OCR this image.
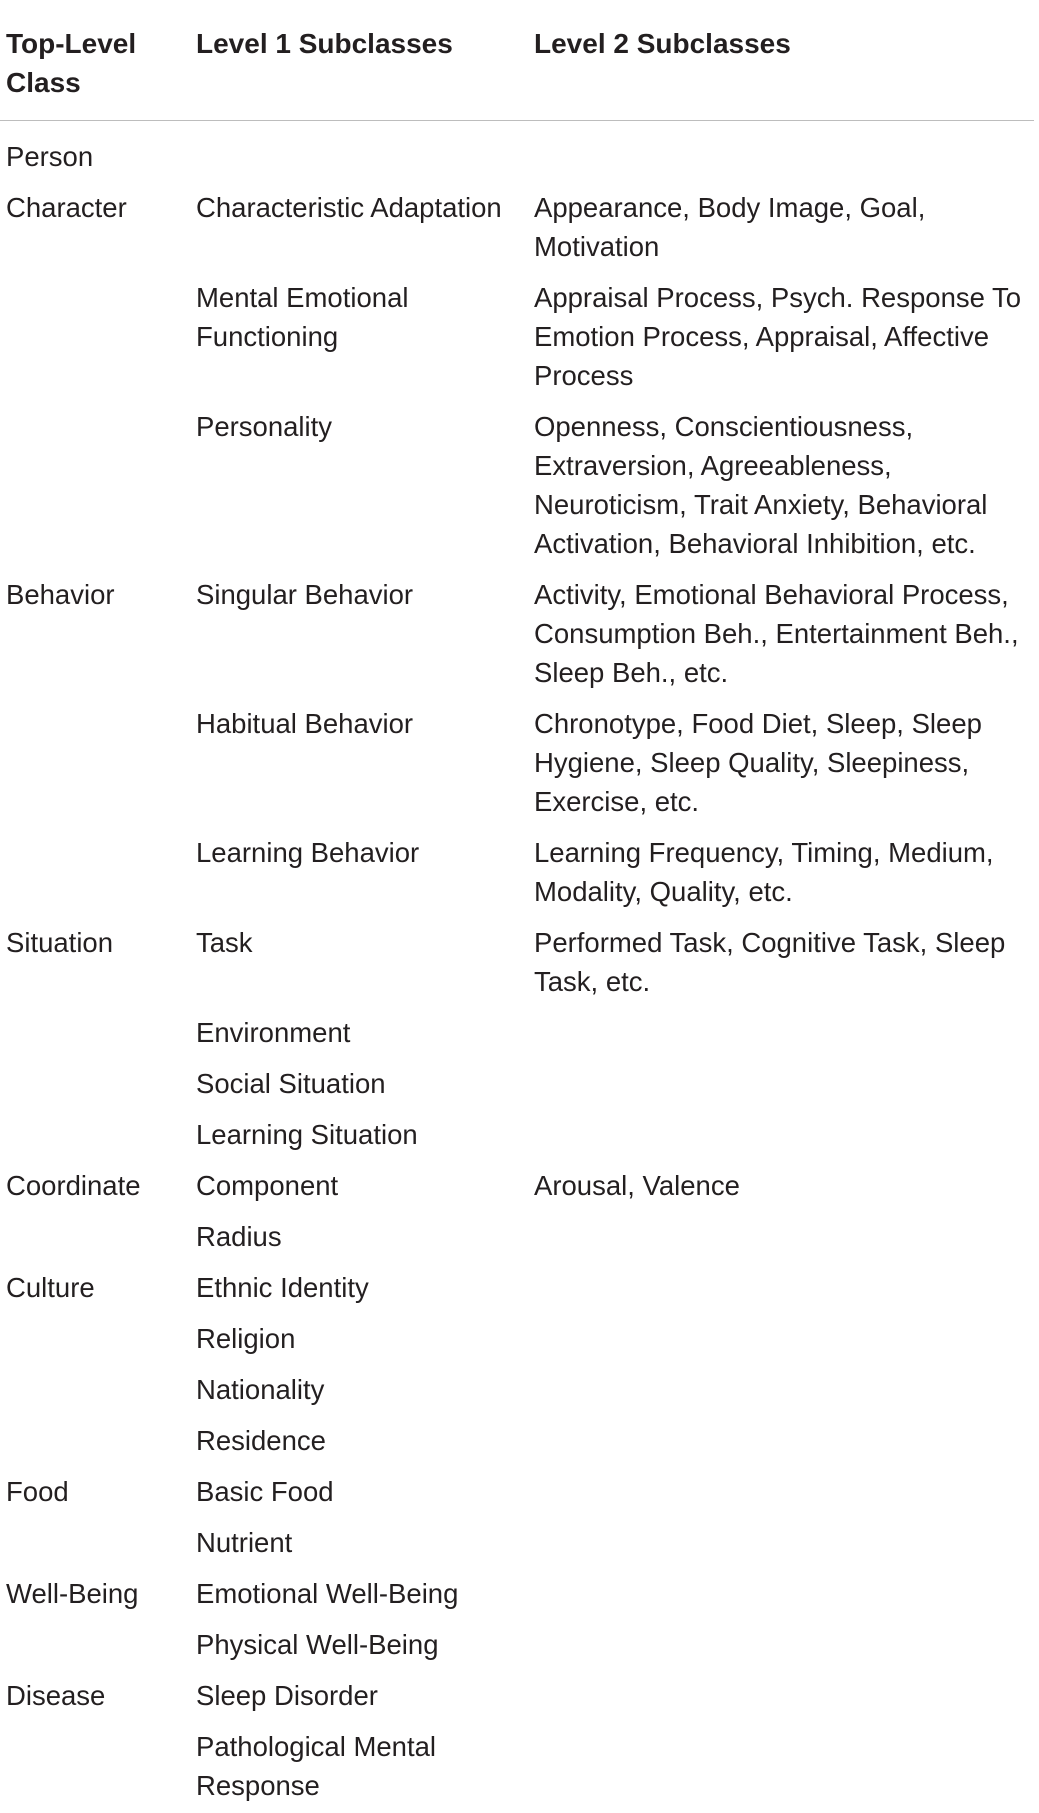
Top-Level Class	Level 1 Subclasses	Level 2 Subclasses
Person		
Character	Characteristic Adaptation	Appearance, Body Image, Goal, Motivation
	Mental Emotional Functioning	Appraisal Process, Psych. Response To Emotion Process, Appraisal, Affective Process
	Personality	Openness, Conscientiousness, Extraversion, Agreeableness, Neuroticism, Trait Anxiety, Behavioral Activation, Behavioral Inhibition, etc.
Behavior	Singular Behavior	Activity, Emotional Behavioral Process, Consumption Beh., Entertainment Beh., Sleep Beh., etc.
	Habitual Behavior	Chronotype, Food Diet, Sleep, Sleep Hygiene, Sleep Quality, Sleepiness, Exercise, etc.
	Learning Behavior	Learning Frequency, Timing, Medium, Modality, Quality, etc.
Situation	Task	Performed Task, Cognitive Task, Sleep Task, etc.
	Environment	
	Social Situation	
	Learning Situation	
Coordinate	Component	Arousal, Valence
	Radius	
Culture	Ethnic Identity	
	Religion	
	Nationality	
	Residence	
Food	Basic Food	
	Nutrient	
Well-Being	Emotional Well-Being	
	Physical Well-Being	
Disease	Sleep Disorder	
	Pathological Mental Response	
